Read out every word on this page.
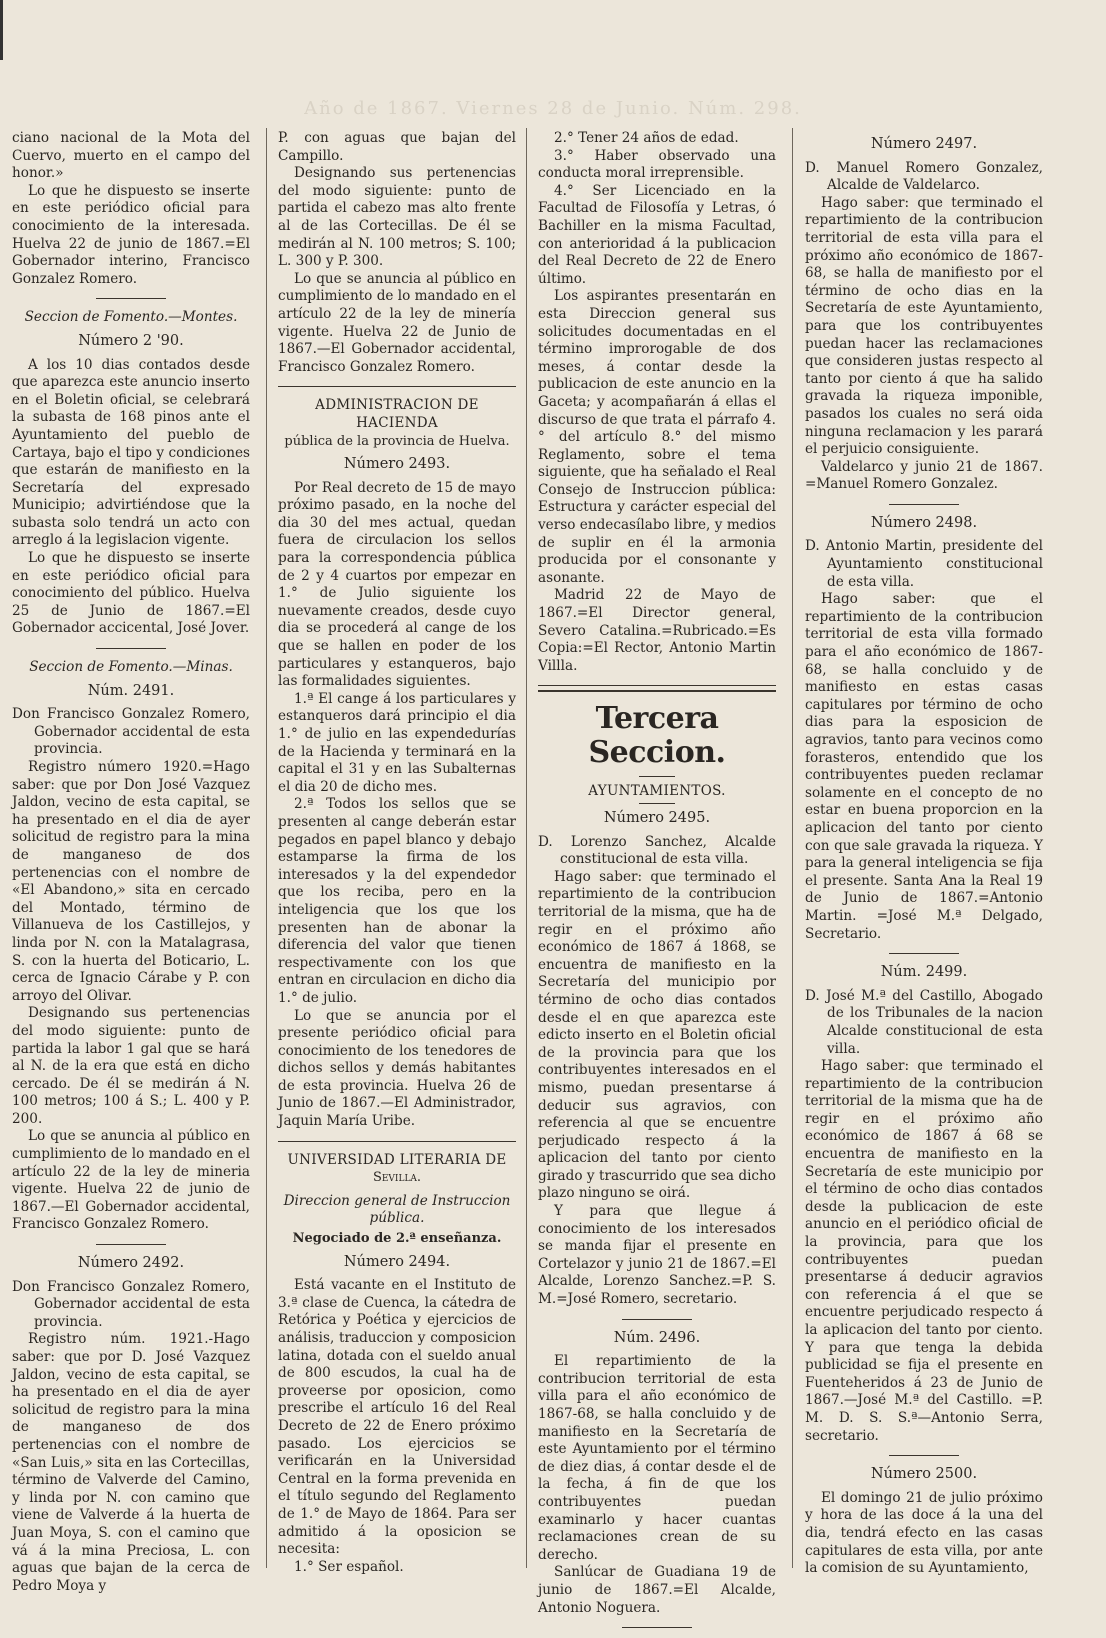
Año de 1867. Viernes 28 de Junio. Núm. 298.

ciano nacional de la Mota del Cuervo, muerto en el campo del honor.»

Lo que he dispuesto se inserte en este periódico oficial para conocimiento de la interesada. Huelva 22 de junio de 1867.=El Gobernador interino, Francisco Gonzalez Romero.

Seccion de Fomento.—Montes.

Número 2 '90.

A los 10 dias contados desde que aparezca este anuncio inserto en el Boletin oficial, se celebrará la subasta de 168 pinos ante el Ayuntamiento del pueblo de Cartaya, bajo el tipo y condiciones que estarán de manifiesto en la Secretaría del expresado Municipio; advirtiéndose que la subasta solo tendrá un acto con arreglo á la legislacion vigente.

Lo que he dispuesto se inserte en este periódico oficial para conocimiento del público. Huelva 25 de Junio de 1867.=El Gobernador accicental, José Jover.

Seccion de Fomento.—Minas.

Núm. 2491.

Don Francisco Gonzalez Romero, Gobernador accidental de esta provincia.

Registro número 1920.=Hago saber: que por Don José Vazquez Jaldon, vecino de esta capital, se ha presentado en el dia de ayer solicitud de registro para la mina de manganeso de dos pertenencias con el nombre de «El Abandono,» sita en cercado del Montado, término de Villanueva de los Castillejos, y linda por N. con la Matalagrasa, S. con la huerta del Boticario, L. cerca de Ignacio Cárabe y P. con arroyo del Olivar.

Designando sus pertenencias del modo siguiente: punto de partida la labor 1 gal que se hará al N. de la era que está en dicho cercado. De él se medirán á N. 100 metros; 100 á S.; L. 400 y P. 200.

Lo que se anuncia al público en cumplimiento de lo mandado en el artículo 22 de la ley de mineria vigente. Huelva 22 de junio de 1867.—El Gobernador accidental, Francisco Gonzalez Romero.

Número 2492.

Don Francisco Gonzalez Romero, Gobernador accidental de esta provincia.

Registro núm. 1921.-Hago saber: que por D. José Vazquez Jaldon, vecino de esta capital, se ha presentado en el dia de ayer solicitud de registro para la mina de manganeso de dos pertenencias con el nombre de «San Luis,» sita en las Cortecillas, término de Valverde del Camino, y linda por N. con camino que viene de Valverde á la huerta de Juan Moya, S. con el camino que vá á la mina Preciosa, L. con aguas que bajan de la cerca de Pedro Moya y

P. con aguas que bajan del Campillo.

Designando sus pertenencias del modo siguiente: punto de partida el cabezo mas alto frente al de las Cortecillas. De él se medirán al N. 100 metros; S. 100; L. 300 y P. 300.

Lo que se anuncia al público en cumplimiento de lo mandado en el artículo 22 de la ley de minería vigente. Huelva 22 de Junio de 1867.—El Gobernador accidental, Francisco Gonzalez Romero.

ADMINISTRACION DE HACIENDA

pública de la provincia de Huelva.

Número 2493.

Por Real decreto de 15 de mayo próximo pasado, en la noche del dia 30 del mes actual, quedan fuera de circulacion los sellos para la correspondencia pública de 2 y 4 cuartos por empezar en 1.° de Julio siguiente los nuevamente creados, desde cuyo dia se procederá al cange de los que se hallen en poder de los particulares y estanqueros, bajo las formalidades siguientes.

1.ª El cange á los particulares y estanqueros dará principio el dia 1.° de julio en las expendedurías de la Hacienda y terminará en la capital el 31 y en las Subalternas el dia 20 de dicho mes.

2.ª Todos los sellos que se presenten al cange deberán estar pegados en papel blanco y debajo estamparse la firma de los interesados y la del expendedor que los reciba, pero en la inteligencia que los que los presenten han de abonar la diferencia del valor que tienen respectivamente con los que entran en circulacion en dicho dia 1.° de julio.

Lo que se anuncia por el presente periódico oficial para conocimiento de los tenedores de dichos sellos y demás habitantes de esta provincia. Huelva 26 de Junio de 1867.—El Administrador, Jaquin María Uribe.

UNIVERSIDAD LITERARIA DE

Sevilla.

Direccion general de Instruccion pública.

Negociado de 2.ª enseñanza.

Número 2494.

Está vacante en el Instituto de 3.ª clase de Cuenca, la cátedra de Retórica y Poética y ejercicios de análisis, traduccion y composicion latina, dotada con el sueldo anual de 800 escudos, la cual ha de proveerse por oposicion, como prescribe el artículo 16 del Real Decreto de 22 de Enero próximo pasado. Los ejercicios se verificarán en la Universidad Central en la forma prevenida en el título segundo del Reglamento de 1.° de Mayo de 1864. Para ser admitido á la oposicion se necesita:

1.° Ser español.

2.° Tener 24 años de edad.

3.° Haber observado una conducta moral irreprensible.

4.° Ser Licenciado en la Facultad de Filosofía y Letras, ó Bachiller en la misma Facultad, con anterioridad á la publicacion del Real Decreto de 22 de Enero último.

Los aspirantes presentarán en esta Direccion general sus solicitudes documentadas en el término improrogable de dos meses, á contar desde la publicacion de este anuncio en la Gaceta; y acompañarán á ellas el discurso de que trata el párrafo 4.° del artículo 8.° del mismo Reglamento, sobre el tema siguiente, que ha señalado el Real Consejo de Instruccion pública: Estructura y carácter especial del verso endecasílabo libre, y medios de suplir en él la armonia producida por el consonante y asonante.

Madrid 22 de Mayo de 1867.=El Director general, Severo Catalina.=Rubricado.=Es Copia:=El Rector, Antonio Martin Villla.

Tercera Seccion.

AYUNTAMIENTOS.

Número 2495.

D. Lorenzo Sanchez, Alcalde constitucional de esta villa.

Hago saber: que terminado el repartimiento de la contribucion territorial de la misma, que ha de regir en el próximo año económico de 1867 á 1868, se encuentra de manifiesto en la Secretaría del municipio por término de ocho dias contados desde el en que aparezca este edicto inserto en el Boletin oficial de la provincia para que los contribuyentes interesados en el mismo, puedan presentarse á deducir sus agravios, con referencia al que se encuentre perjudicado respecto á la aplicacion del tanto por ciento girado y trascurrido que sea dicho plazo ninguno se oirá.

Y para que llegue á conocimiento de los interesados se manda fijar el presente en Cortelazor y junio 21 de 1867.=El Alcalde, Lorenzo Sanchez.=P. S. M.=José Romero, secretario.

Núm. 2496.

El repartimiento de la contribucion territorial de esta villa para el año económico de 1867-68, se halla concluido y de manifiesto en la Secretaría de este Ayuntamiento por el término de diez dias, á contar desde el de la fecha, á fin de que los contribuyentes puedan examinarlo y hacer cuantas reclamaciones crean de su derecho.

Sanlúcar de Guadiana 19 de junio de 1867.=El Alcalde, Antonio Noguera.

Número 2497.

D. Manuel Romero Gonzalez, Alcalde de Valdelarco.

Hago saber: que terminado el repartimiento de la contribucion territorial de esta villa para el próximo año económico de 1867-68, se halla de manifiesto por el término de ocho dias en la Secretaría de este Ayuntamiento, para que los contribuyentes puedan hacer las reclamaciones que consideren justas respecto al tanto por ciento á que ha salido gravada la riqueza imponible, pasados los cuales no será oida ninguna reclamacion y les parará el perjuicio consiguiente.

Valdelarco y junio 21 de 1867. =Manuel Romero Gonzalez.

Número 2498.

D. Antonio Martin, presidente del Ayuntamiento constitucional de esta villa.

Hago saber: que el repartimiento de la contribucion territorial de esta villa formado para el año económico de 1867-68, se halla concluido y de manifiesto en estas casas capitulares por término de ocho dias para la esposicion de agravios, tanto para vecinos como forasteros, entendido que los contribuyentes pueden reclamar solamente en el concepto de no estar en buena proporcion en la aplicacion del tanto por ciento con que sale gravada la riqueza. Y para la general inteligencia se fija el presente. Santa Ana la Real 19 de Junio de 1867.=Antonio Martin. =José M.ª Delgado, Secretario.

Núm. 2499.

D. José M.ª del Castillo, Abogado de los Tribunales de la nacion Alcalde constitucional de esta villa.

Hago saber: que terminado el repartimiento de la contribucion territorial de la misma que ha de regir en el próximo año económico de 1867 á 68 se encuentra de manifiesto en la Secretaría de este municipio por el término de ocho dias contados desde la publicacion de este anuncio en el periódico oficial de la provincia, para que los contribuyentes puedan presentarse á deducir agravios con referencia á el que se encuentre perjudicado respecto á la aplicacion del tanto por ciento. Y para que tenga la debida publicidad se fija el presente en Fuenteheridos á 23 de Junio de 1867.—José M.ª del Castillo. =P. M. D. S. S.ª—Antonio Serra, secretario.

Número 2500.

El domingo 21 de julio próximo y hora de las doce á la una del dia, tendrá efecto en las casas capitulares de esta villa, por ante la comision de su Ayuntamiento,
